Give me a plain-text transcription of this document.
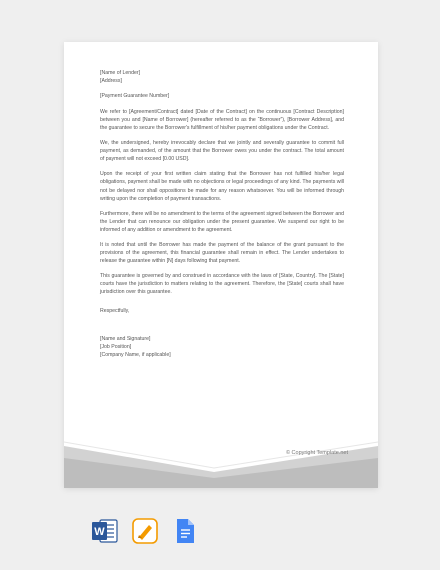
[Name of Lender]
[Address]
[Payment Guarantee Number]

We refer to [Agreement/Contract] dated [Date of the Contract] on the continuous [Contract Description] between you and [Name of Borrower] (hereafter referred to as the “Borrower”), [Borrower Address], and the guarantee to secure the Borrower's fulfillment of his/her payment obligations under the Contract.

We, the undersigned, hereby irrevocably declare that we jointly and severally guarantee to commit full payment, as demanded, of the amount that the Borrower owes you under the contract. The total amount of payment will not exceed [0.00 USD].

Upon the receipt of your first written claim stating that the Borrower has not fulfilled his/her legal obligations, payment shall be made with no objections or legal proceedings of any kind. The payments will not be delayed nor shall oppositions be made for any reason whatsoever. You will be informed through writing upon the completion of payment transactions.

Furthermore, there will be no amendment to the terms of the agreement signed between the Borrower and the Lender that can renounce our obligation under the present guarantee. We suspend our right to be informed of any addition or amendment to the agreement.

It is noted that until the Borrower has made the payment of the balance of the grant pursuant to the provisions of the agreement, this financial guarantee shall remain in effect. The Lender undertakes to release the guarantee within [N] days following that payment.

This guarantee is governed by and construed in accordance with the laws of [State, Country]. The [State] courts have the jurisdiction to matters relating to the agreement. Therefore, the [State] courts shall have jurisdiction over this guarantee.

Respectfully,
[Name and Signature]
[Job Position]
[Company Name, if applicable]
© Copyright Template.net
W
